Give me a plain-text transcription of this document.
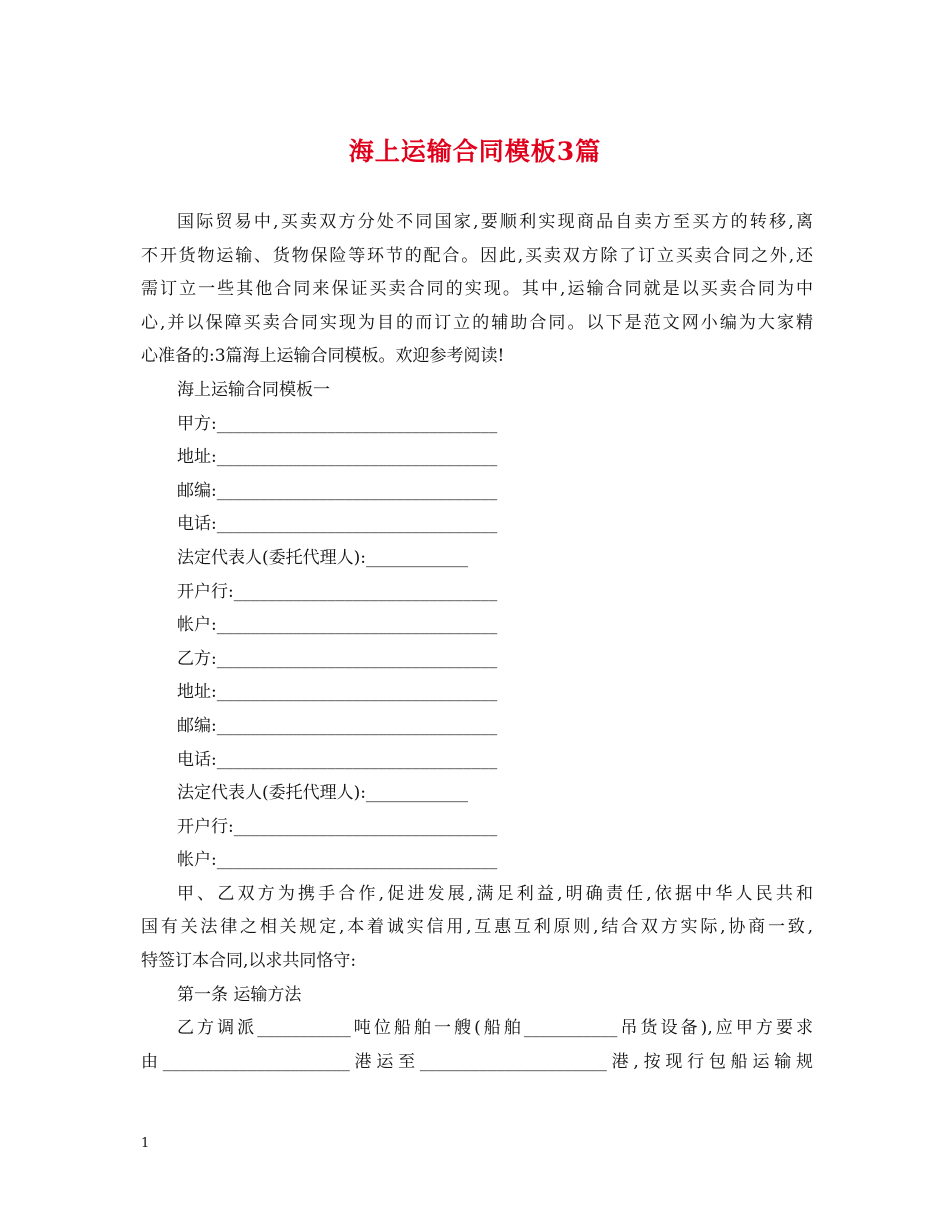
海上运输合同模板3篇

国际贸易中,买卖双方分处不同国家,要顺利实现商品自卖方至买方的转移,离

不开货物运输、货物保险等环节的配合。因此,买卖双方除了订立买卖合同之外,还

需订立一些其他合同来保证买卖合同的实现。其中,运输合同就是以买卖合同为中

心,并以保障买卖合同实现为目的而订立的辅助合同。以下是范文网小编为大家精

心准备的:3篇海上运输合同模板。欢迎参考阅读!

海上运输合同模板一

甲方:_________________________________

地址:_________________________________

邮编:_________________________________

电话:_________________________________

法定代表人(委托代理人):____________

开户行:_______________________________

帐户:_________________________________

乙方:_________________________________

地址:_________________________________

邮编:_________________________________

电话:_________________________________

法定代表人(委托代理人):____________

开户行:_______________________________

帐户:_________________________________

甲、乙双方为携手合作,促进发展,满足利益,明确责任,依据中华人民共和

国有关法律之相关规定,本着诚实信用,互惠互利原则,结合双方实际,协商一致,

特签订本合同,以求共同恪守:

第一条 运输方法

乙方调派___________吨位船舶一艘(船舶___________吊货设备),应甲方要求

由______________________港运至______________________港,按现行包船运输规

1
